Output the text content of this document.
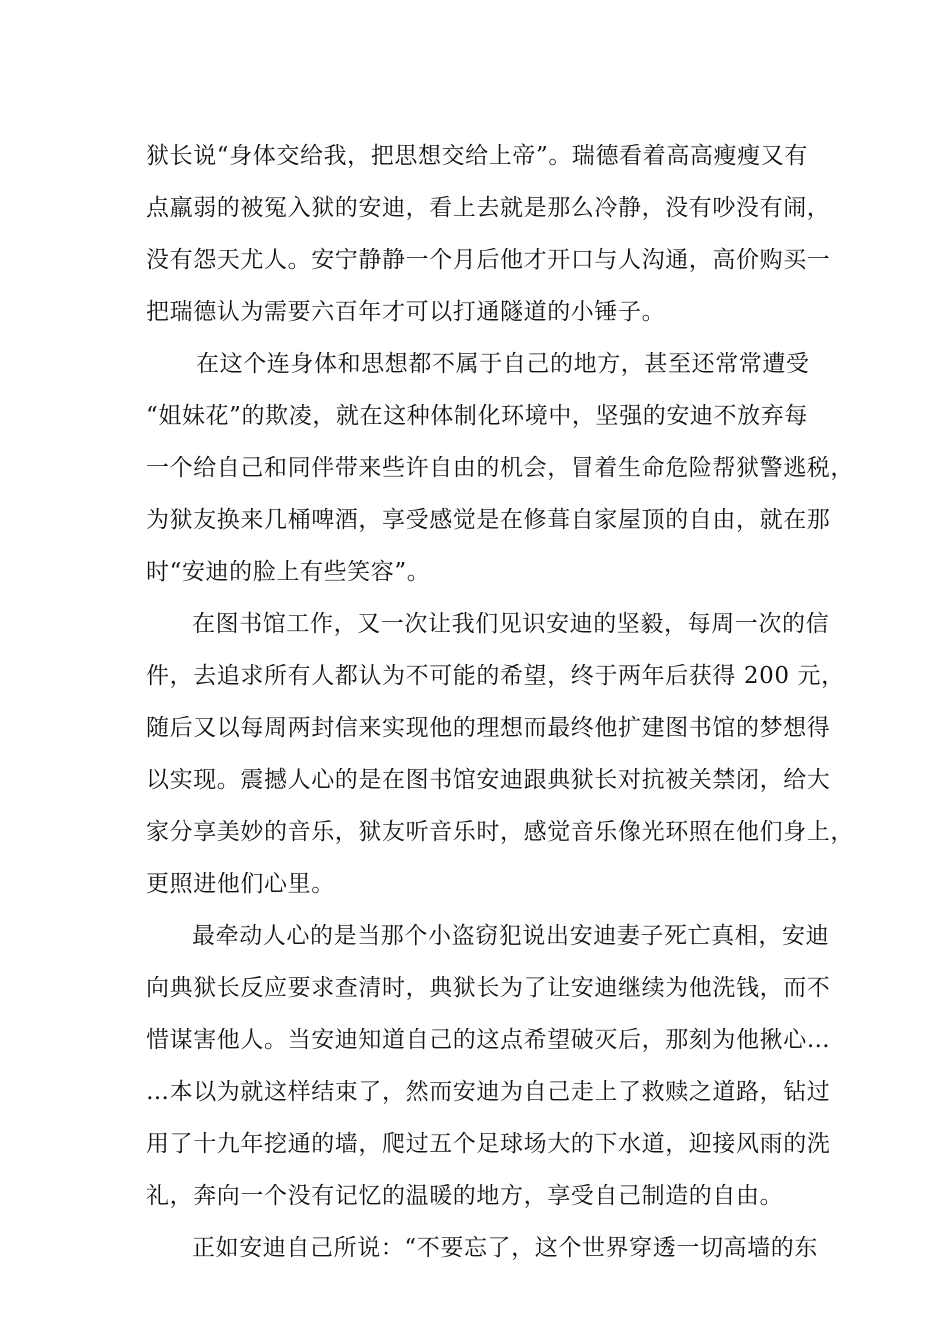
狱长说“身体交给我，把思想交给上帝”。瑞德看着高高瘦瘦又有
点羸弱的被冤入狱的安迪，看上去就是那么冷静，没有吵没有闹，
没有怨天尤人。安宁静静一个月后他才开口与人沟通，高价购买一
把瑞德认为需要六百年才可以打通隧道的小锤子。
在这个连身体和思想都不属于自己的地方，甚至还常常遭受
“姐妹花”的欺凌，就在这种体制化环境中，坚强的安迪不放弃每
一个给自己和同伴带来些许自由的机会，冒着生命危险帮狱警逃税，
为狱友换来几桶啤酒，享受感觉是在修葺自家屋顶的自由，就在那
时“安迪的脸上有些笑容”。
在图书馆工作，又一次让我们见识安迪的坚毅，每周一次的信
件，去追求所有人都认为不可能的希望，终于两年后获得 200 元，
随后又以每周两封信来实现他的理想而最终他扩建图书馆的梦想得
以实现。震撼人心的是在图书馆安迪跟典狱长对抗被关禁闭，给大
家分享美妙的音乐，狱友听音乐时，感觉音乐像光环照在他们身上，
更照进他们心里。
最牵动人心的是当那个小盗窃犯说出安迪妻子死亡真相，安迪
向典狱长反应要求查清时，典狱长为了让安迪继续为他洗钱，而不
惜谋害他人。当安迪知道自己的这点希望破灭后，那刻为他揪心…
…本以为就这样结束了，然而安迪为自己走上了救赎之道路，钻过
用了十九年挖通的墙，爬过五个足球场大的下水道，迎接风雨的洗
礼，奔向一个没有记忆的温暖的地方，享受自己制造的自由。
正如安迪自己所说：“不要忘了，这个世界穿透一切高墙的东
